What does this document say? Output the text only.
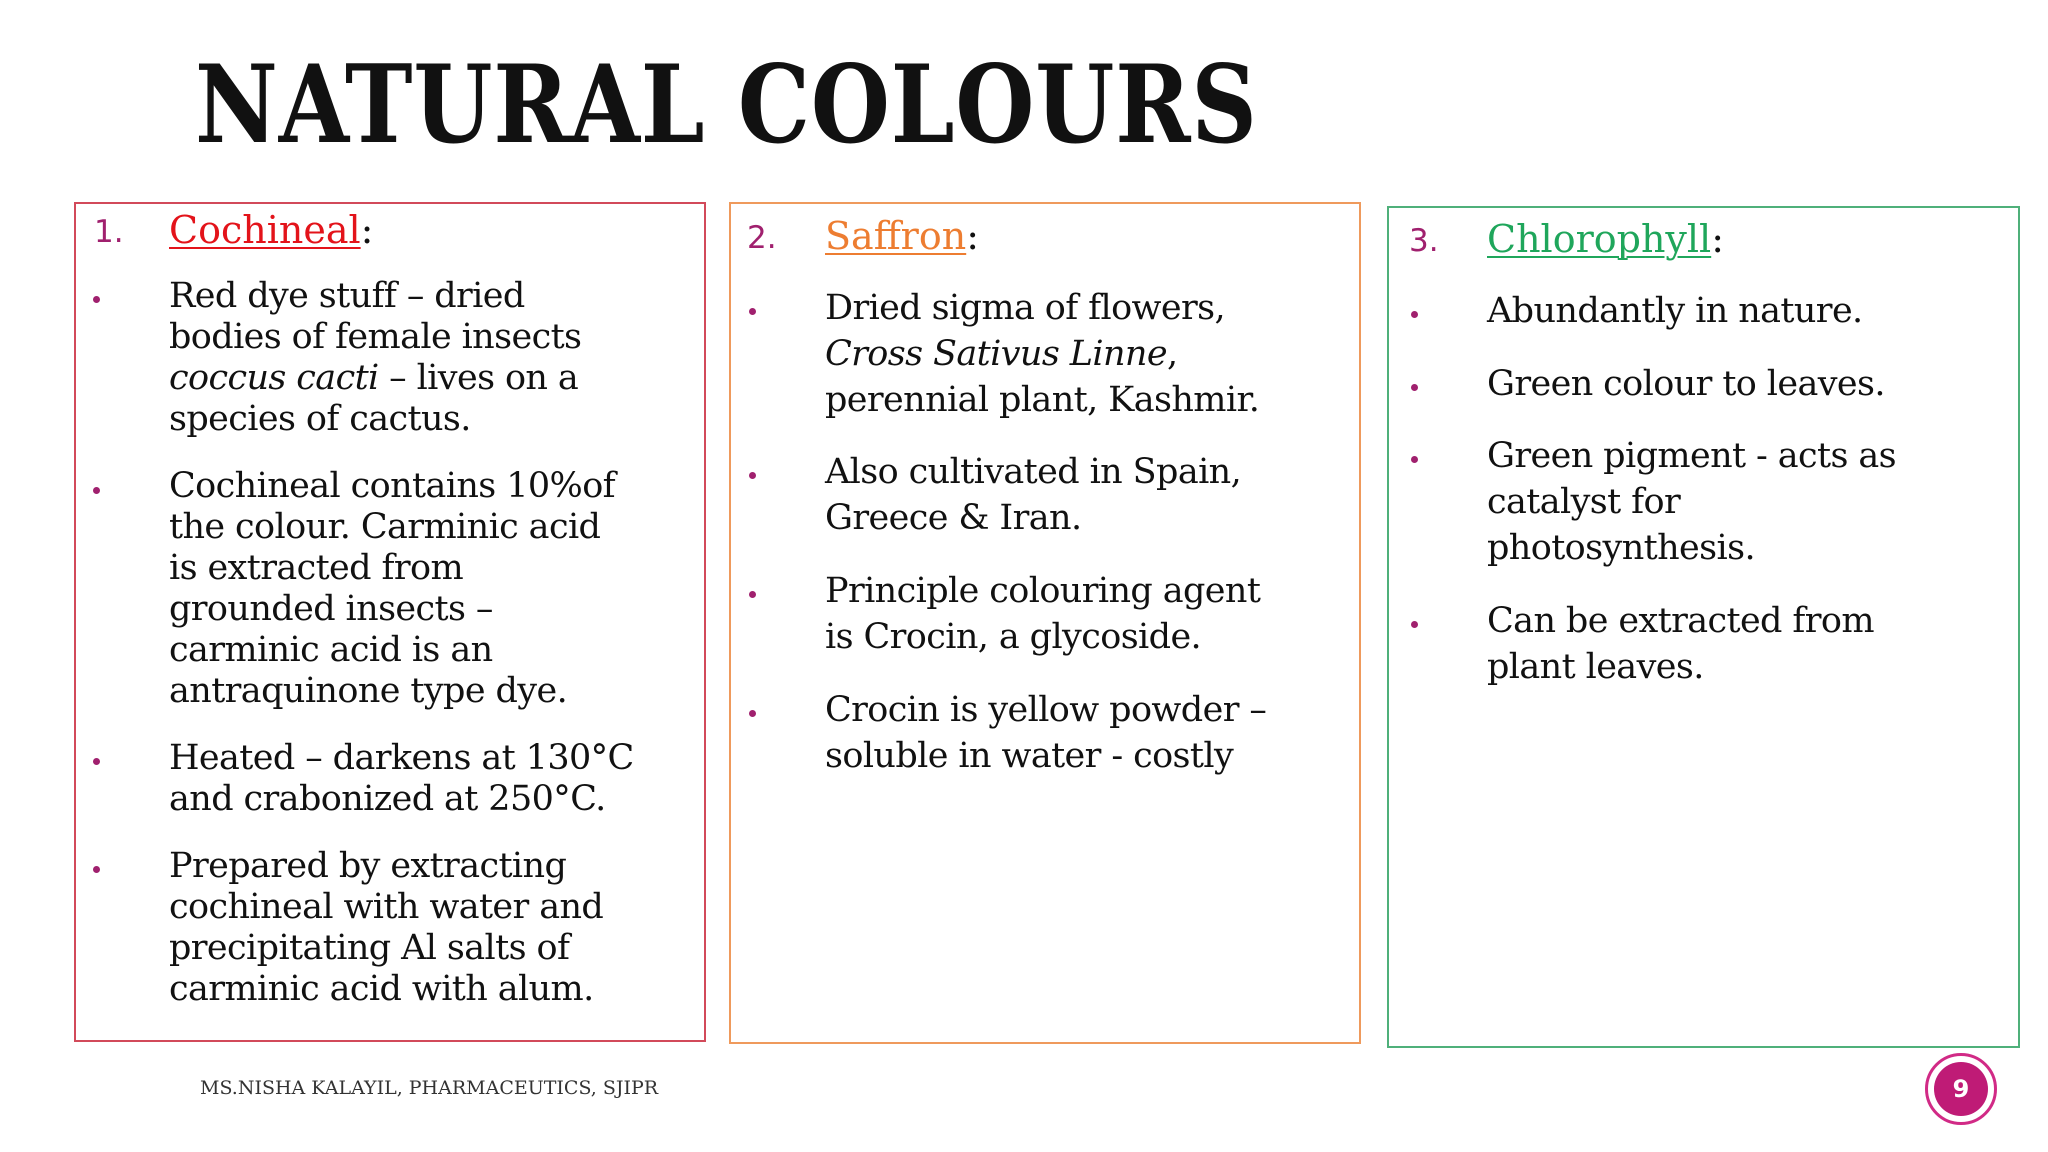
NATURAL COLOURS
1. Cochineal:

Red dye stuff – dried
bodies of female insects
coccus cacti – lives on a
species of cactus.

Cochineal contains 10%of
the colour. Carminic acid
is extracted from
grounded insects –
carminic acid is an
antraquinone type dye.

Heated – darkens at 130°C
and crabonized at 250°C.

Prepared by extracting
cochineal with water and
precipitating Al salts of
carminic acid with alum.

2. Saffron:

Dried sigma of flowers,
Cross Sativus Linne,
perennial plant, Kashmir.

Also cultivated in Spain,
Greece & Iran.

Principle colouring agent
is Crocin, a glycoside.

Crocin is yellow powder –
soluble in water - costly

3. Chlorophyll:

Abundantly in nature.

Green colour to leaves.

Green pigment - acts as
catalyst for
photosynthesis.

Can be extracted from
plant leaves.

MS.NISHA KALAYIL, PHARMACEUTICS, SJIPR	9
